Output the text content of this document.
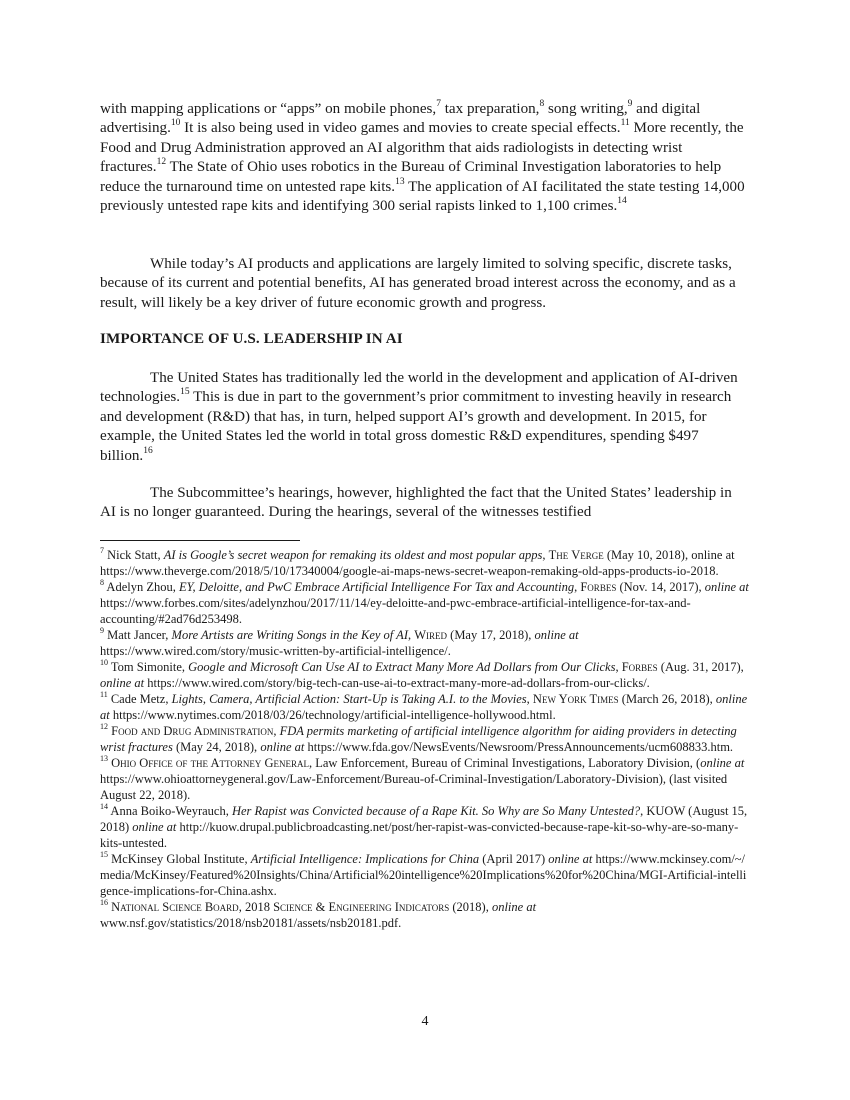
with mapping applications or “apps” on mobile phones,$^7$ tax preparation,$^8$ song writing,$^9$ and digital advertising.$^{10}$ It is also being used in video games and movies to create special effects.$^{11}$ More recently, the Food and Drug Administration approved an AI algorithm that aids radiologists in detecting wrist fractures.$^{12}$ The State of Ohio uses robotics in the Bureau of Criminal Investigation laboratories to help reduce the turnaround time on untested rape kits.$^{13}$ The application of AI facilitated the state testing 14,000 previously untested rape kits and identifying 300 serial rapists linked to 1,100 crimes.$^{14}$

While today’s AI products and applications are largely limited to solving specific, discrete tasks, because of its current and potential benefits, AI has generated broad interest across the economy, and as a result, will likely be a key driver of future economic growth and progress.

IMPORTANCE OF U.S. LEADERSHIP IN AI

The United States has traditionally led the world in the development and application of AI-driven technologies.$^{15}$ This is due in part to the government’s prior commitment to investing heavily in research and development (R&D) that has, in turn, helped support AI’s growth and development. In 2015, for example, the United States led the world in total gross domestic R&D expenditures, spending $497 billion.$^{16}$

The Subcommittee’s hearings, however, highlighted the fact that the United States’ leadership in AI is no longer guaranteed. During the hearings, several of the witnesses testified

$^7$ Nick Statt, AI is Google’s secret weapon for remaking its oldest and most popular apps, The Verge (May 10, 2018), online at https://www.theverge.com/2018/5/10/17340004/google-ai-maps-news-secret-weapon-remaking-old-apps-products-io-2018.

$^8$ Adelyn Zhou, EY, Deloitte, and PwC Embrace Artificial Intelligence For Tax and Accounting, Forbes (Nov. 14, 2017), online at https://www.forbes.com/sites/adelynzhou/2017/11/14/ey-deloitte-and-pwc-embrace-artificial-intelligence-for-tax-and-accounting/#2ad76d253498.

$^9$ Matt Jancer, More Artists are Writing Songs in the Key of AI, Wired (May 17, 2018), online at https://www.wired.com/story/music-written-by-artificial-intelligence/.

$^{10}$ Tom Simonite, Google and Microsoft Can Use AI to Extract Many More Ad Dollars from Our Clicks, Forbes (Aug. 31, 2017), online at https://www.wired.com/story/big-tech-can-use-ai-to-extract-many-more-ad-dollars-from-our-clicks/.

$^{11}$ Cade Metz, Lights, Camera, Artificial Action: Start-Up is Taking A.I. to the Movies, New York Times (March 26, 2018), online at https://www.nytimes.com/2018/03/26/technology/artificial-intelligence-hollywood.html.

$^{12}$ Food and Drug Administration, FDA permits marketing of artificial intelligence algorithm for aiding providers in detecting wrist fractures (May 24, 2018), online at https://www.fda.gov/NewsEvents/Newsroom/PressAnnouncements/ucm608833.htm.

$^{13}$ Ohio Office of the Attorney General, Law Enforcement, Bureau of Criminal Investigations, Laboratory Division, (online at https://www.ohioattorneygeneral.gov/Law-Enforcement/Bureau-of-Criminal-Investigation/Laboratory-Division), (last visited August 22, 2018).

$^{14}$ Anna Boiko-Weyrauch, Her Rapist was Convicted because of a Rape Kit. So Why are So Many Untested?, KUOW (August 15, 2018) online at http://kuow.drupal.publicbroadcasting.net/post/her-rapist-was-convicted-because-rape-kit-so-why-are-so-many-kits-untested.

$^{15}$ McKinsey Global Institute, Artificial Intelligence: Implications for China (April 2017) online at https://www.mckinsey.com/~/media/McKinsey/Featured%20Insights/China/Artificial%20intelligence%20Implications%20for%20China/MGI-Artificial-intelligence-implications-for-China.ashx.

$^{16}$ National Science Board, 2018 Science & Engineering Indicators (2018), online at www.nsf.gov/statistics/2018/nsb20181/assets/nsb20181.pdf.

4
